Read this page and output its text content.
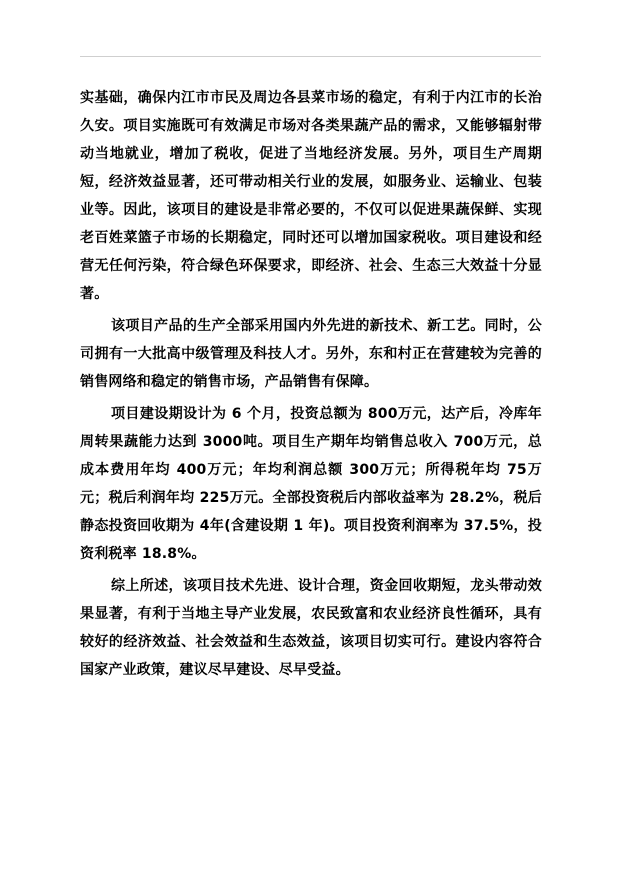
实基础，确保内江市市民及周边各县菜市场的稳定，有利于内江市的长治久安。项目实施既可有效满足市场对各类果蔬产品的需求，又能够辐射带动当地就业，增加了税收，促进了当地经济发展。另外，项目生产周期短，经济效益显著，还可带动相关行业的发展，如服务业、运输业、包装业等。因此，该项目的建设是非常必要的，不仅可以促进果蔬保鲜、实现老百姓菜篮子市场的长期稳定，同时还可以增加国家税收。项目建设和经营无任何污染，符合绿色环保要求，即经济、社会、生态三大效益十分显著。

该项目产品的生产全部采用国内外先进的新技术、新工艺。同时，公司拥有一大批高中级管理及科技人才。另外，东和村正在营建较为完善的销售网络和稳定的销售市场，产品销售有保障。

项目建设期设计为 6 个月，投资总额为 800万元，达产后，冷库年周转果蔬能力达到 3000吨。项目生产期年均销售总收入 700万元，总成本费用年均 400万元；年均利润总额 300万元；所得税年均 75万元；税后利润年均 225万元。全部投资税后内部收益率为 28.2%，税后静态投资回收期为 4年(含建设期 1 年)。项目投资利润率为 37.5%，投资利税率 18.8%。

综上所述，该项目技术先进、设计合理，资金回收期短，龙头带动效果显著，有利于当地主导产业发展，农民致富和农业经济良性循环，具有较好的经济效益、社会效益和生态效益，该项目切实可行。建设内容符合国家产业政策，建议尽早建设、尽早受益。
